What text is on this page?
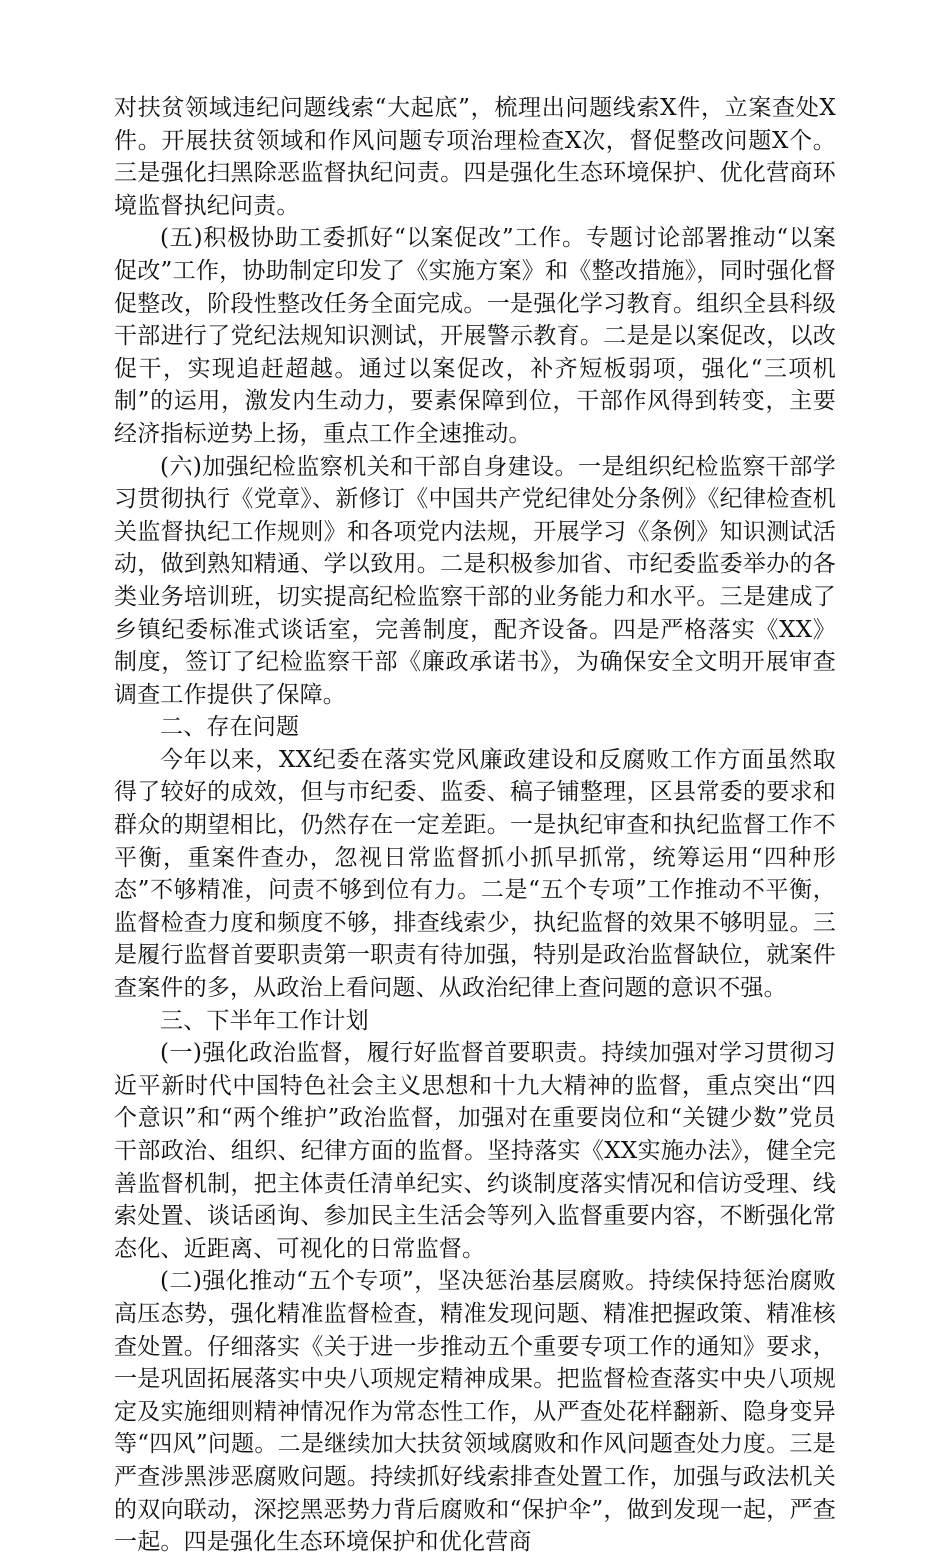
对扶贫领域违纪问题线索“大起底”，梳理出问题线索X件，立案查处X件。开展扶贫领域和作风问题专项治理检查X次，督促整改问题X个。三是强化扫黑除恶监督执纪问责。四是强化生态环境保护、优化营商环境监督执纪问责。

(五)积极协助工委抓好“以案促改”工作。专题讨论部署推动“以案促改”工作，协助制定印发了《实施方案》和《整改措施》，同时强化督促整改，阶段性整改任务全面完成。一是强化学习教育。组织全县科级干部进行了党纪法规知识测试，开展警示教育。二是是以案促改，以改促干，实现追赶超越。通过以案促改，补齐短板弱项，强化“三项机制”的运用，激发内生动力，要素保障到位，干部作风得到转变，主要经济指标逆势上扬，重点工作全速推动。

(六)加强纪检监察机关和干部自身建设。一是组织纪检监察干部学习贯彻执行《党章》、新修订《中国共产党纪律处分条例》《纪律检查机关监督执纪工作规则》和各项党内法规，开展学习《条例》知识测试活动，做到熟知精通、学以致用。二是积极参加省、市纪委监委举办的各类业务培训班，切实提高纪检监察干部的业务能力和水平。三是建成了乡镇纪委标准式谈话室，完善制度，配齐设备。四是严格落实《XX》制度，签订了纪检监察干部《廉政承诺书》，为确保安全文明开展审查调查工作提供了保障。

二、存在问题

今年以来，XX纪委在落实党风廉政建设和反腐败工作方面虽然取得了较好的成效，但与市纪委、监委、稿子铺整理，区县常委的要求和群众的期望相比，仍然存在一定差距。一是执纪审查和执纪监督工作不平衡，重案件查办，忽视日常监督抓小抓早抓常，统筹运用“四种形态”不够精准，问责不够到位有力。二是“五个专项”工作推动不平衡，监督检查力度和频度不够，排查线索少，执纪监督的效果不够明显。三是履行监督首要职责第一职责有待加强，特别是政治监督缺位，就案件查案件的多，从政治上看问题、从政治纪律上查问题的意识不强。

三、下半年工作计划

(一)强化政治监督，履行好监督首要职责。持续加强对学习贯彻习近平新时代中国特色社会主义思想和十九大精神的监督，重点突出“四个意识”和“两个维护”政治监督，加强对在重要岗位和“关键少数”党员干部政治、组织、纪律方面的监督。坚持落实《XX实施办法》，健全完善监督机制，把主体责任清单纪实、约谈制度落实情况和信访受理、线索处置、谈话函询、参加民主生活会等列入监督重要内容，不断强化常态化、近距离、可视化的日常监督。

(二)强化推动“五个专项”，坚决惩治基层腐败。持续保持惩治腐败高压态势，强化精准监督检查，精准发现问题、精准把握政策、精准核查处置。仔细落实《关于进一步推动五个重要专项工作的通知》要求，一是巩固拓展落实中央八项规定精神成果。把监督检查落实中央八项规定及实施细则精神情况作为常态性工作，从严查处花样翻新、隐身变异等“四风”问题。二是继续加大扶贫领域腐败和作风问题查处力度。三是严查涉黑涉恶腐败问题。持续抓好线索排查处置工作，加强与政法机关的双向联动，深挖黑恶势力背后腐败和“保护伞”，做到发现一起，严查一起。四是强化生态环境保护和优化营商
